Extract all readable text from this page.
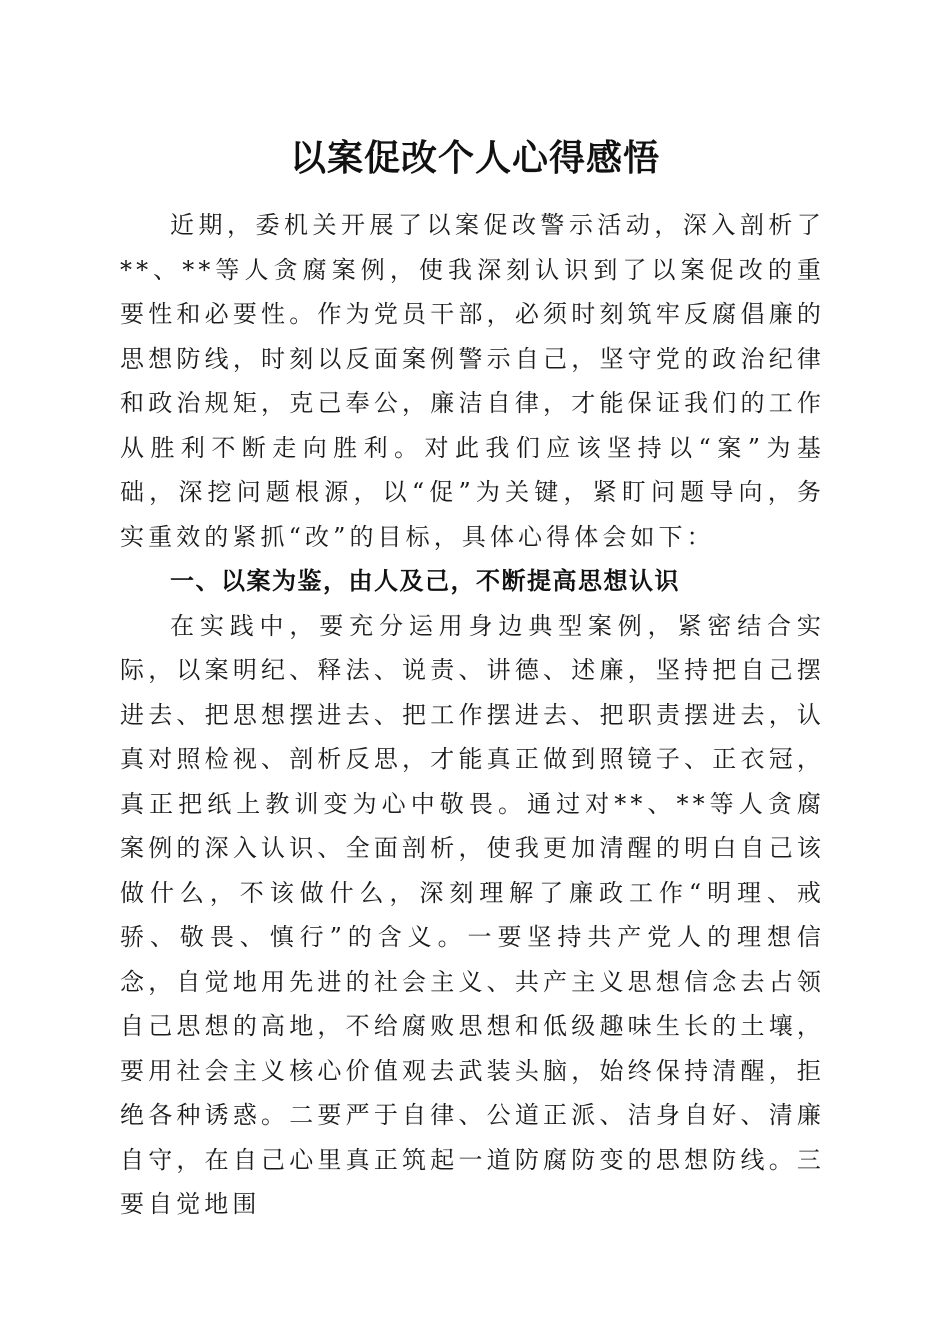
以案促改个人心得感悟

近期，委机关开展了以案促改警示活动，深入剖析了**、**等人贪腐案例，使我深刻认识到了以案促改的重要性和必要性。作为党员干部，必须时刻筑牢反腐倡廉的思想防线，时刻以反面案例警示自己，坚守党的政治纪律和政治规矩，克己奉公，廉洁自律，才能保证我们的工作从胜利不断走向胜利。对此我们应该坚持以“案”为基础，深挖问题根源，以“促”为关键，紧盯问题导向，务实重效的紧抓“改”的目标，具体心得体会如下：

一、以案为鉴，由人及己，不断提高思想认识

在实践中，要充分运用身边典型案例，紧密结合实际，以案明纪、释法、说责、讲德、述廉，坚持把自己摆进去、把思想摆进去、把工作摆进去、把职责摆进去，认真对照检视、剖析反思，才能真正做到照镜子、正衣冠，真正把纸上教训变为心中敬畏。通过对**、**等人贪腐案例的深入认识、全面剖析，使我更加清醒的明白自己该做什么，不该做什么，深刻理解了廉政工作“明理、戒骄、敬畏、慎行”的含义。一要坚持共产党人的理想信念，自觉地用先进的社会主义、共产主义思想信念去占领自己思想的高地，不给腐败思想和低级趣味生长的土壤，要用社会主义核心价值观去武装头脑，始终保持清醒，拒绝各种诱惑。二要严于自律、公道正派、洁身自好、清廉自守，在自己心里真正筑起一道防腐防变的思想防线。三要自觉地围
